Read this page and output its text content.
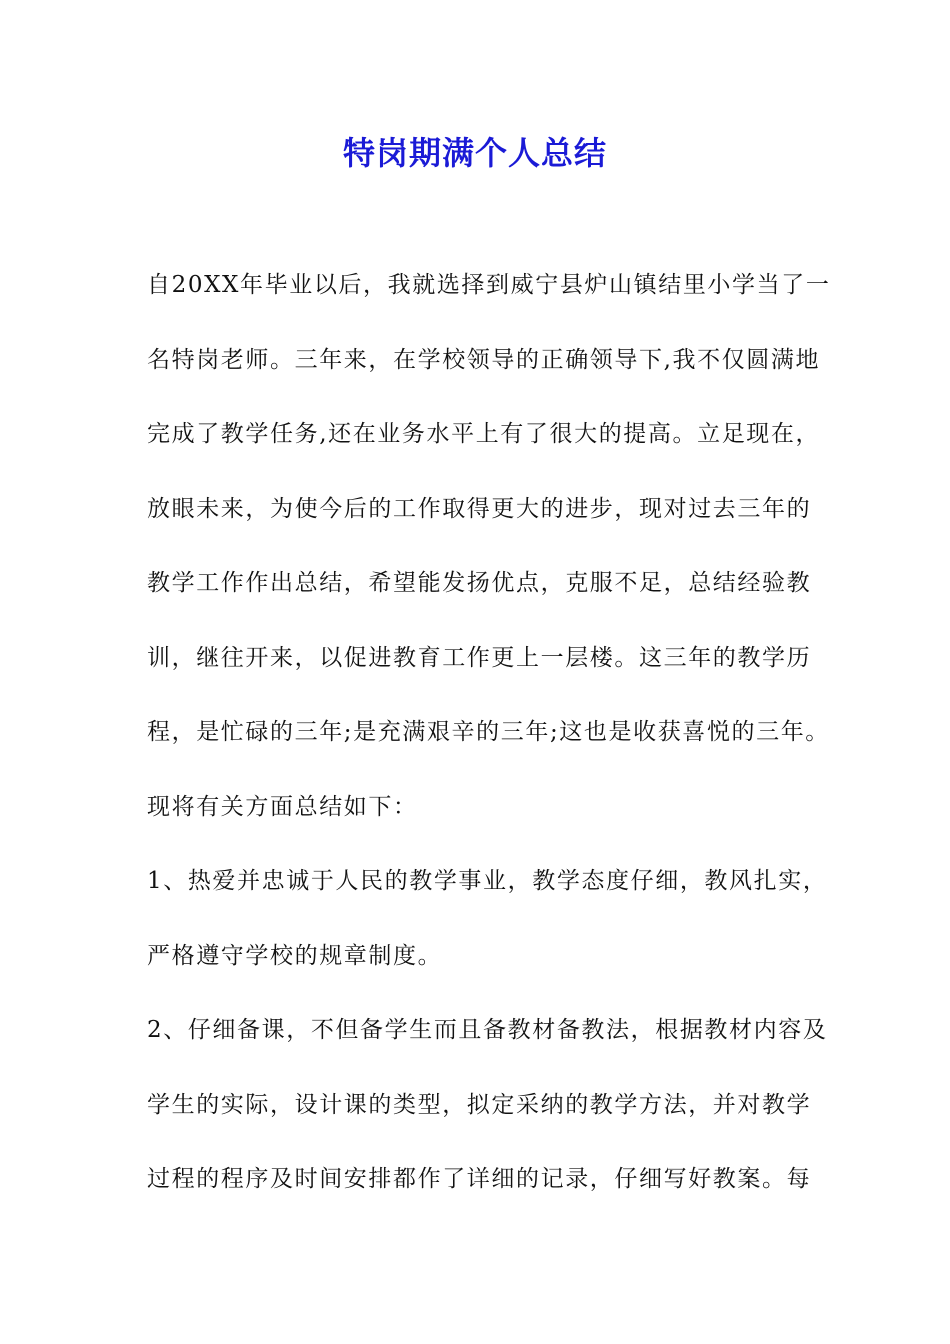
特岗期满个人总结
自20XX年毕业以后，我就选择到威宁县炉山镇结里小学当了一
名特岗老师。三年来，在学校领导的正确领导下,我不仅圆满地
完成了教学任务,还在业务水平上有了很大的提高。立足现在，
放眼未来，为使今后的工作取得更大的进步，现对过去三年的
教学工作作出总结，希望能发扬优点，克服不足，总结经验教
训，继往开来，以促进教育工作更上一层楼。这三年的教学历
程，是忙碌的三年;是充满艰辛的三年;这也是收获喜悦的三年。
现将有关方面总结如下：
1、热爱并忠诚于人民的教学事业，教学态度仔细，教风扎实，
严格遵守学校的规章制度。
2、仔细备课，不但备学生而且备教材备教法，根据教材内容及
学生的实际，设计课的类型，拟定采纳的教学方法，并对教学
过程的程序及时间安排都作了详细的记录，仔细写好教案。每
